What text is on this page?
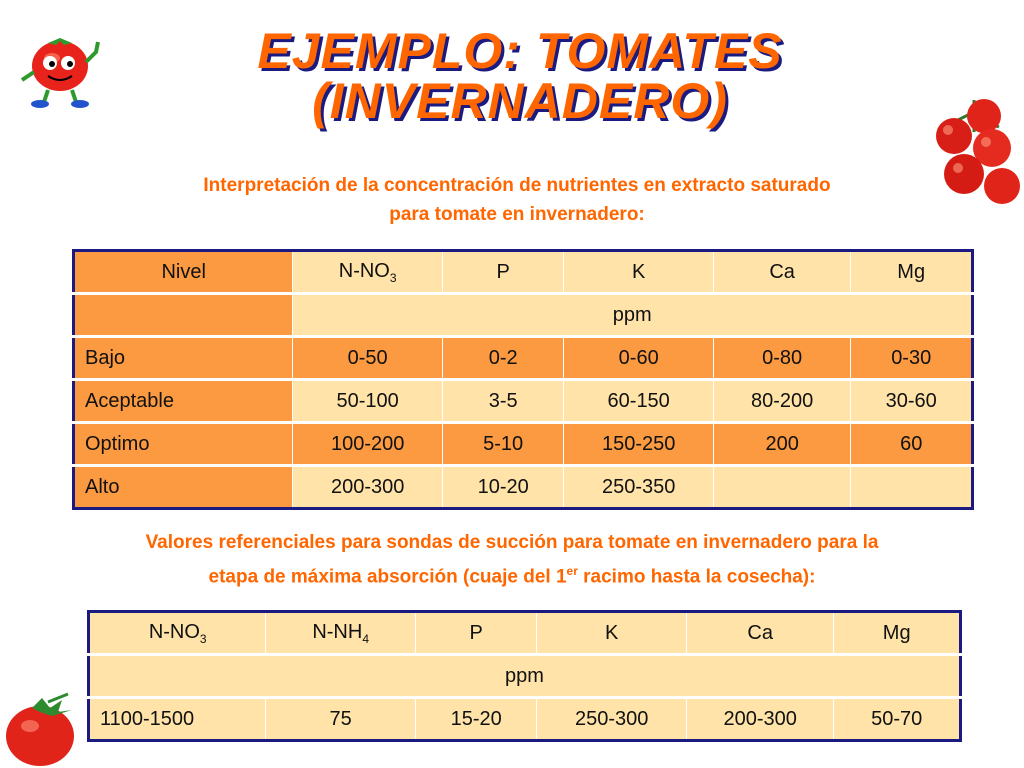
EJEMPLO: TOMATES
(INVERNADERO)
Interpretación de la concentración de nutrientes en extracto saturado
para tomate en invernadero:
Nivel	$N-NO_3$	P	K	Ca	Mg
	ppm				
Bajo	0-50	0-2	0-60	0-80	0-30
Aceptable	50-100	3-5	60-150	80-200	30-60
Optimo	100-200	5-10	150-250	200	60
Alto	200-300	10-20	250-350		
Valores referenciales para sondas de succión para tomate en invernadero para la
etapa de máxima absorción (cuaje del 1er racimo hasta la cosecha):
$N-NO_3$	$N-NH_4$	P	K	Ca	Mg
ppm					
1100-1500	75	15-20	250-300	200-300	50-70
